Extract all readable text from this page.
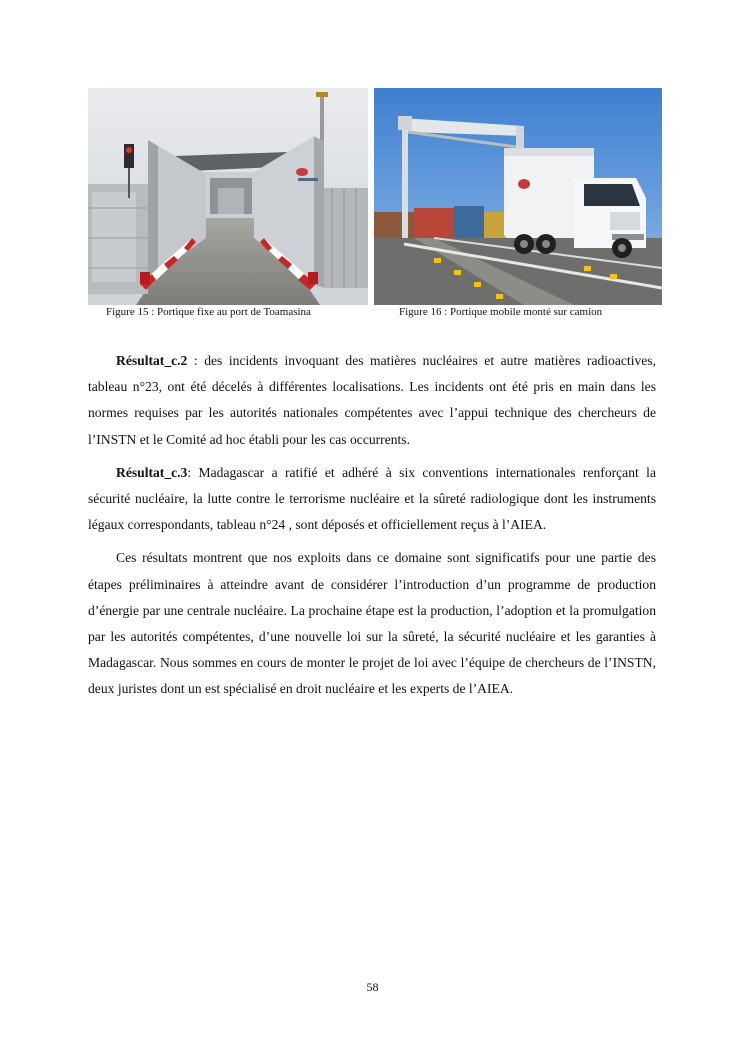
Figure 15 : Portique fixe au port de Toamasina	Figure 16 : Portique mobile monté sur camion

Résultat_c.2 : des incidents invoquant des matières nucléaires et autre matières radioactives, tableau n°23, ont été décelés à différentes localisations. Les incidents ont été pris en main dans les normes requises par les autorités nationales compétentes avec l’appui technique des chercheurs de l’INSTN et le Comité ad hoc établi pour les cas occurrents.

Résultat_c.3: Madagascar a ratifié et adhéré à six conventions internationales renforçant la sécurité nucléaire, la lutte contre le terrorisme nucléaire et la sûreté radiologique dont les instruments légaux correspondants, tableau n°24 , sont déposés et officiellement reçus à l’AIEA.

Ces résultats montrent que nos exploits dans ce domaine sont significatifs pour une partie des étapes préliminaires à atteindre avant de considérer l’introduction d’un programme de production d’énergie par une centrale nucléaire. La prochaine étape est la production, l’adoption et la promulgation par les autorités compétentes, d’une nouvelle loi sur la sûreté, la sécurité nucléaire et les garanties à Madagascar. Nous sommes en cours de monter le projet de loi avec l’équipe de chercheurs de l’INSTN, deux juristes dont un est spécialisé en droit nucléaire et les experts de l’AIEA.

58
